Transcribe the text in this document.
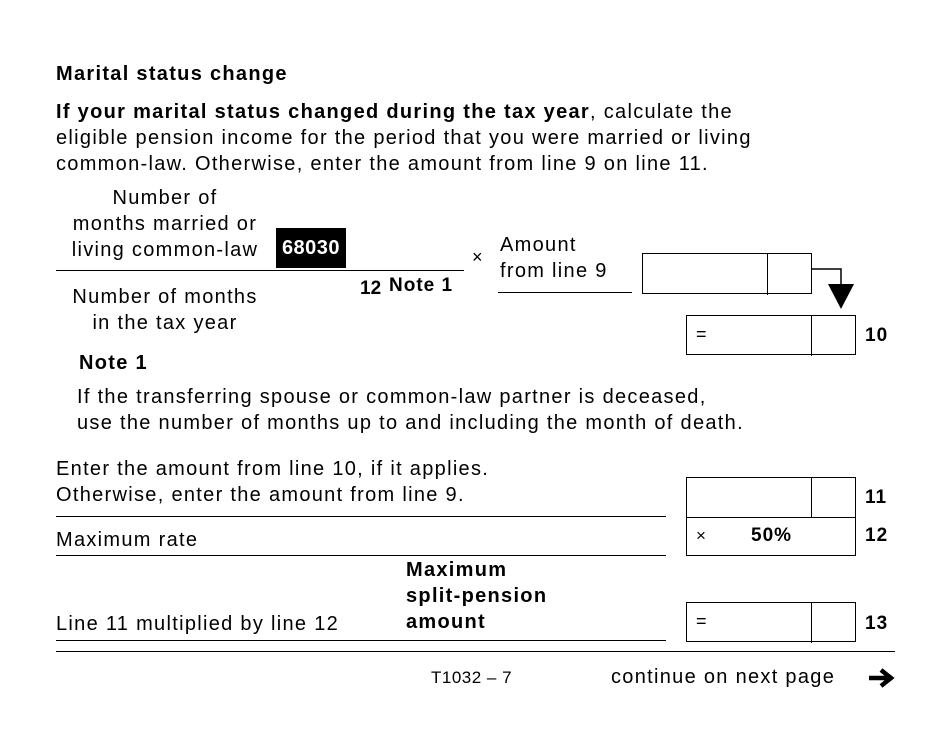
Marital status change
If your marital status changed during the tax year, calculate the
eligible pension income for the period that you were married or living
common-law. Otherwise, enter the amount from line 9 on line 11.
Number of
months married or
living common-law	68030
Number of months
in the tax year
12 Note 1
×
Amount
from line 9
=	10
Note 1
If the transferring spouse or common-law partner is deceased,
use the number of months up to and including the month of death.
Enter the amount from line 10, if it applies.
Otherwise, enter the amount from line 9.	11
Maximum rate	× 50%	12
Maximum
split-pension
amount
Line 11 multiplied by line 12	=	13
T1032 – 7	continue on next page
